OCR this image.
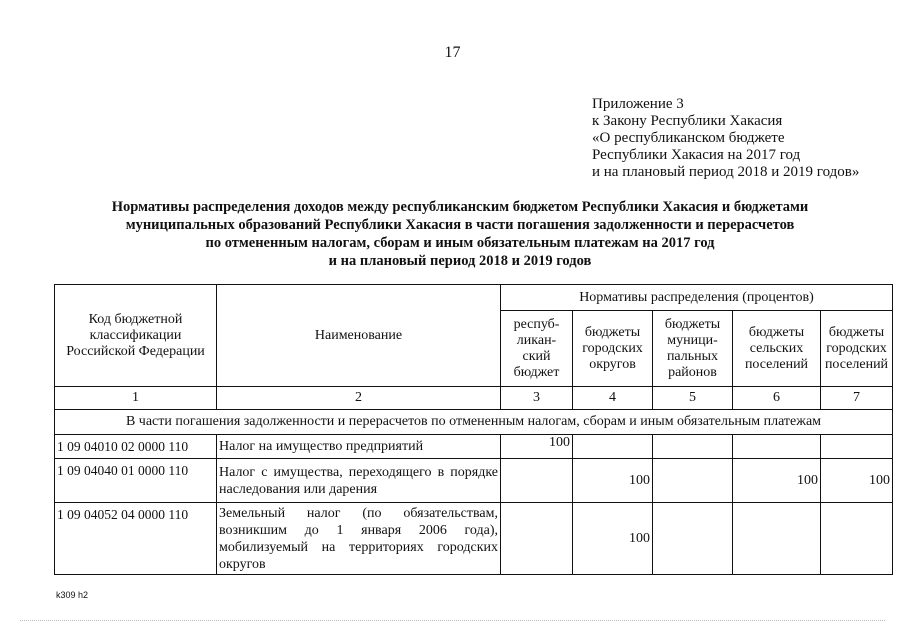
17
Приложение 3
к Закону Республики Хакасия
«О республиканском бюджете
Республики Хакасия на 2017 год
и на плановый период 2018 и 2019 годов»
Нормативы распределения доходов между республиканским бюджетом Республики Хакасия и бюджетами
муниципальных образований Республики Хакасия в части погашения задолженности и перерасчетов
по отмененным налогам, сборам и иным обязательным платежам на 2017 год
и на плановый период 2018 и 2019 годов
Код бюджетной классификации Российской Федерации	Наименование	Нормативы распределения (процентов)				
		респуб-ликан-ский бюджет	бюджеты городских округов	бюджеты муници-пальных районов	бюджеты сельских поселений	бюджеты городских поселений
1	2	3	4	5	6	7
В части погашения задолженности и перерасчетов по отмененным налогам, сборам и иным обязательным платежам						
1 09 04010 02 0000 110	Налог на имущество предприятий	100				
1 09 04040 01 0000 110	Налог с имущества, переходящего в порядке наследования или дарения		100		100	100
1 09 04052 04 0000 110	Земельный налог (по обязательствам, возникшим до 1 января 2006 года), мобилизуемый на территориях городских округов		100			
k309 h2
